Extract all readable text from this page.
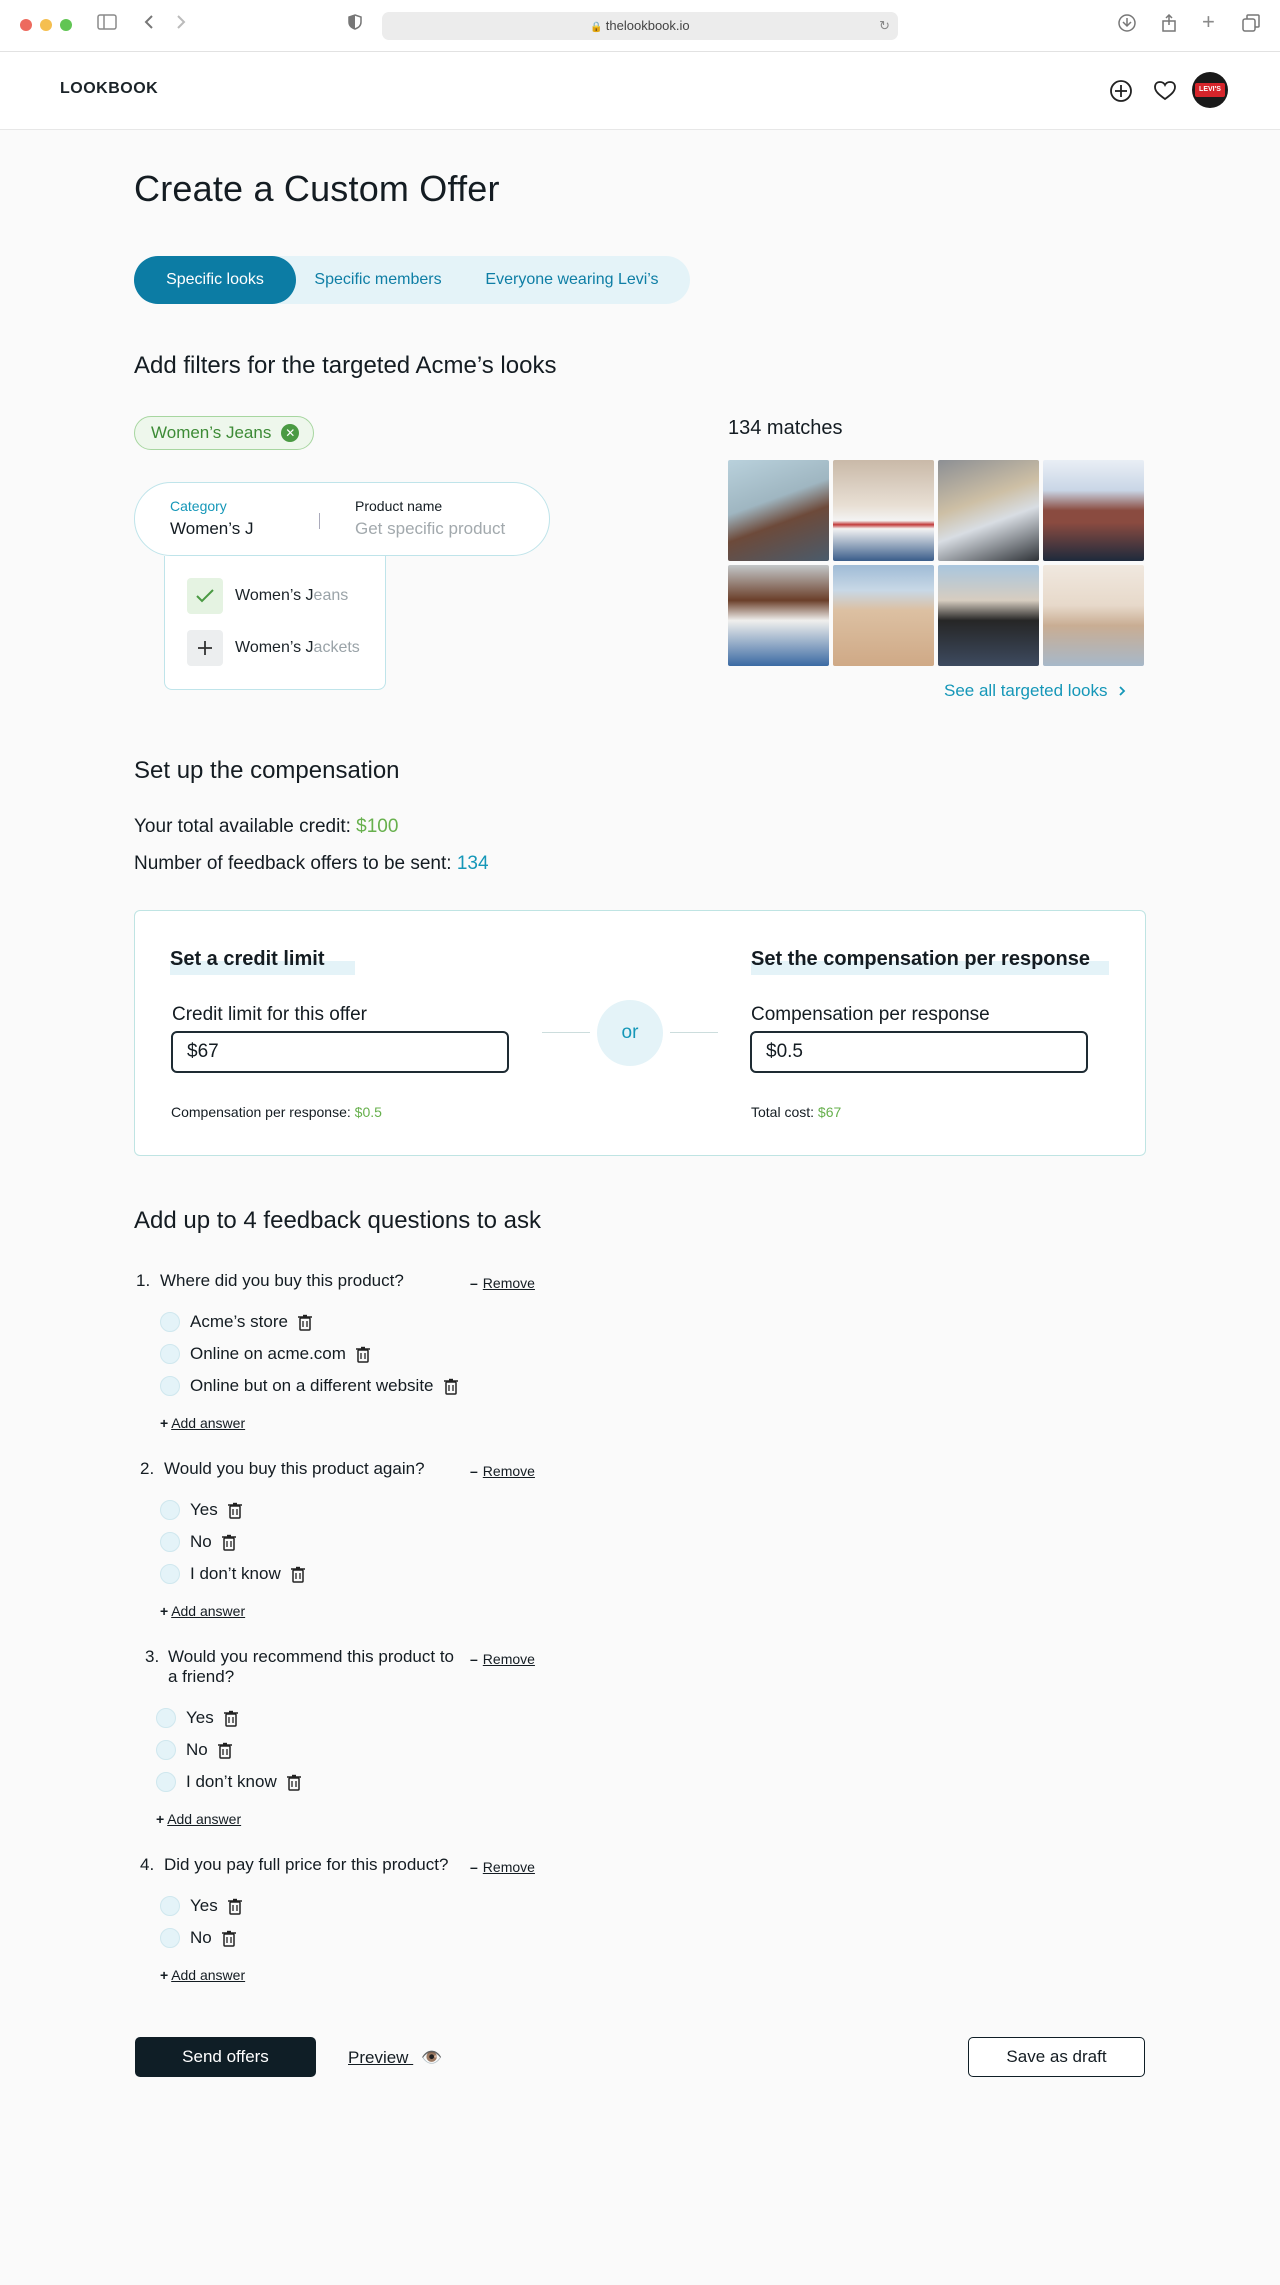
🔒 thelookbook.io	↻	+
LOOKBOOK	LEVI'S
Create a Custom Offer
Specific looks	Specific members	Everyone wearing Levi’s
Add filters for the targeted Acme’s looks
Women’s Jeans	✕
Category
Women’s J
Product name
Get specific product
Women’s Jeans
Women’s Jackets
134 matches
See all targeted looks
Set up the compensation
Your total available credit: $100
Number of feedback offers to be sent: 134
Set a credit limit
Credit limit for this offer
$67
Compensation per response: $0.5
or
Set the compensation per response
Compensation per response
$0.5
Total cost: $67
Add up to 4 feedback questions to ask
1. Where did you buy this product?	– Remove
Acme’s store
Online on acme.com
Online but on a different website
+ Add answer
2. Would you buy this product again?	– Remove
Yes
No
I don’t know
+ Add answer
3. Would you recommend this product to a friend?
– Remove
Yes
No
I don’t know
+ Add answer
4. Did you pay full price for this product?	– Remove
Yes
No
+ Add answer
Send offers	Preview 👁️	Save as draft
